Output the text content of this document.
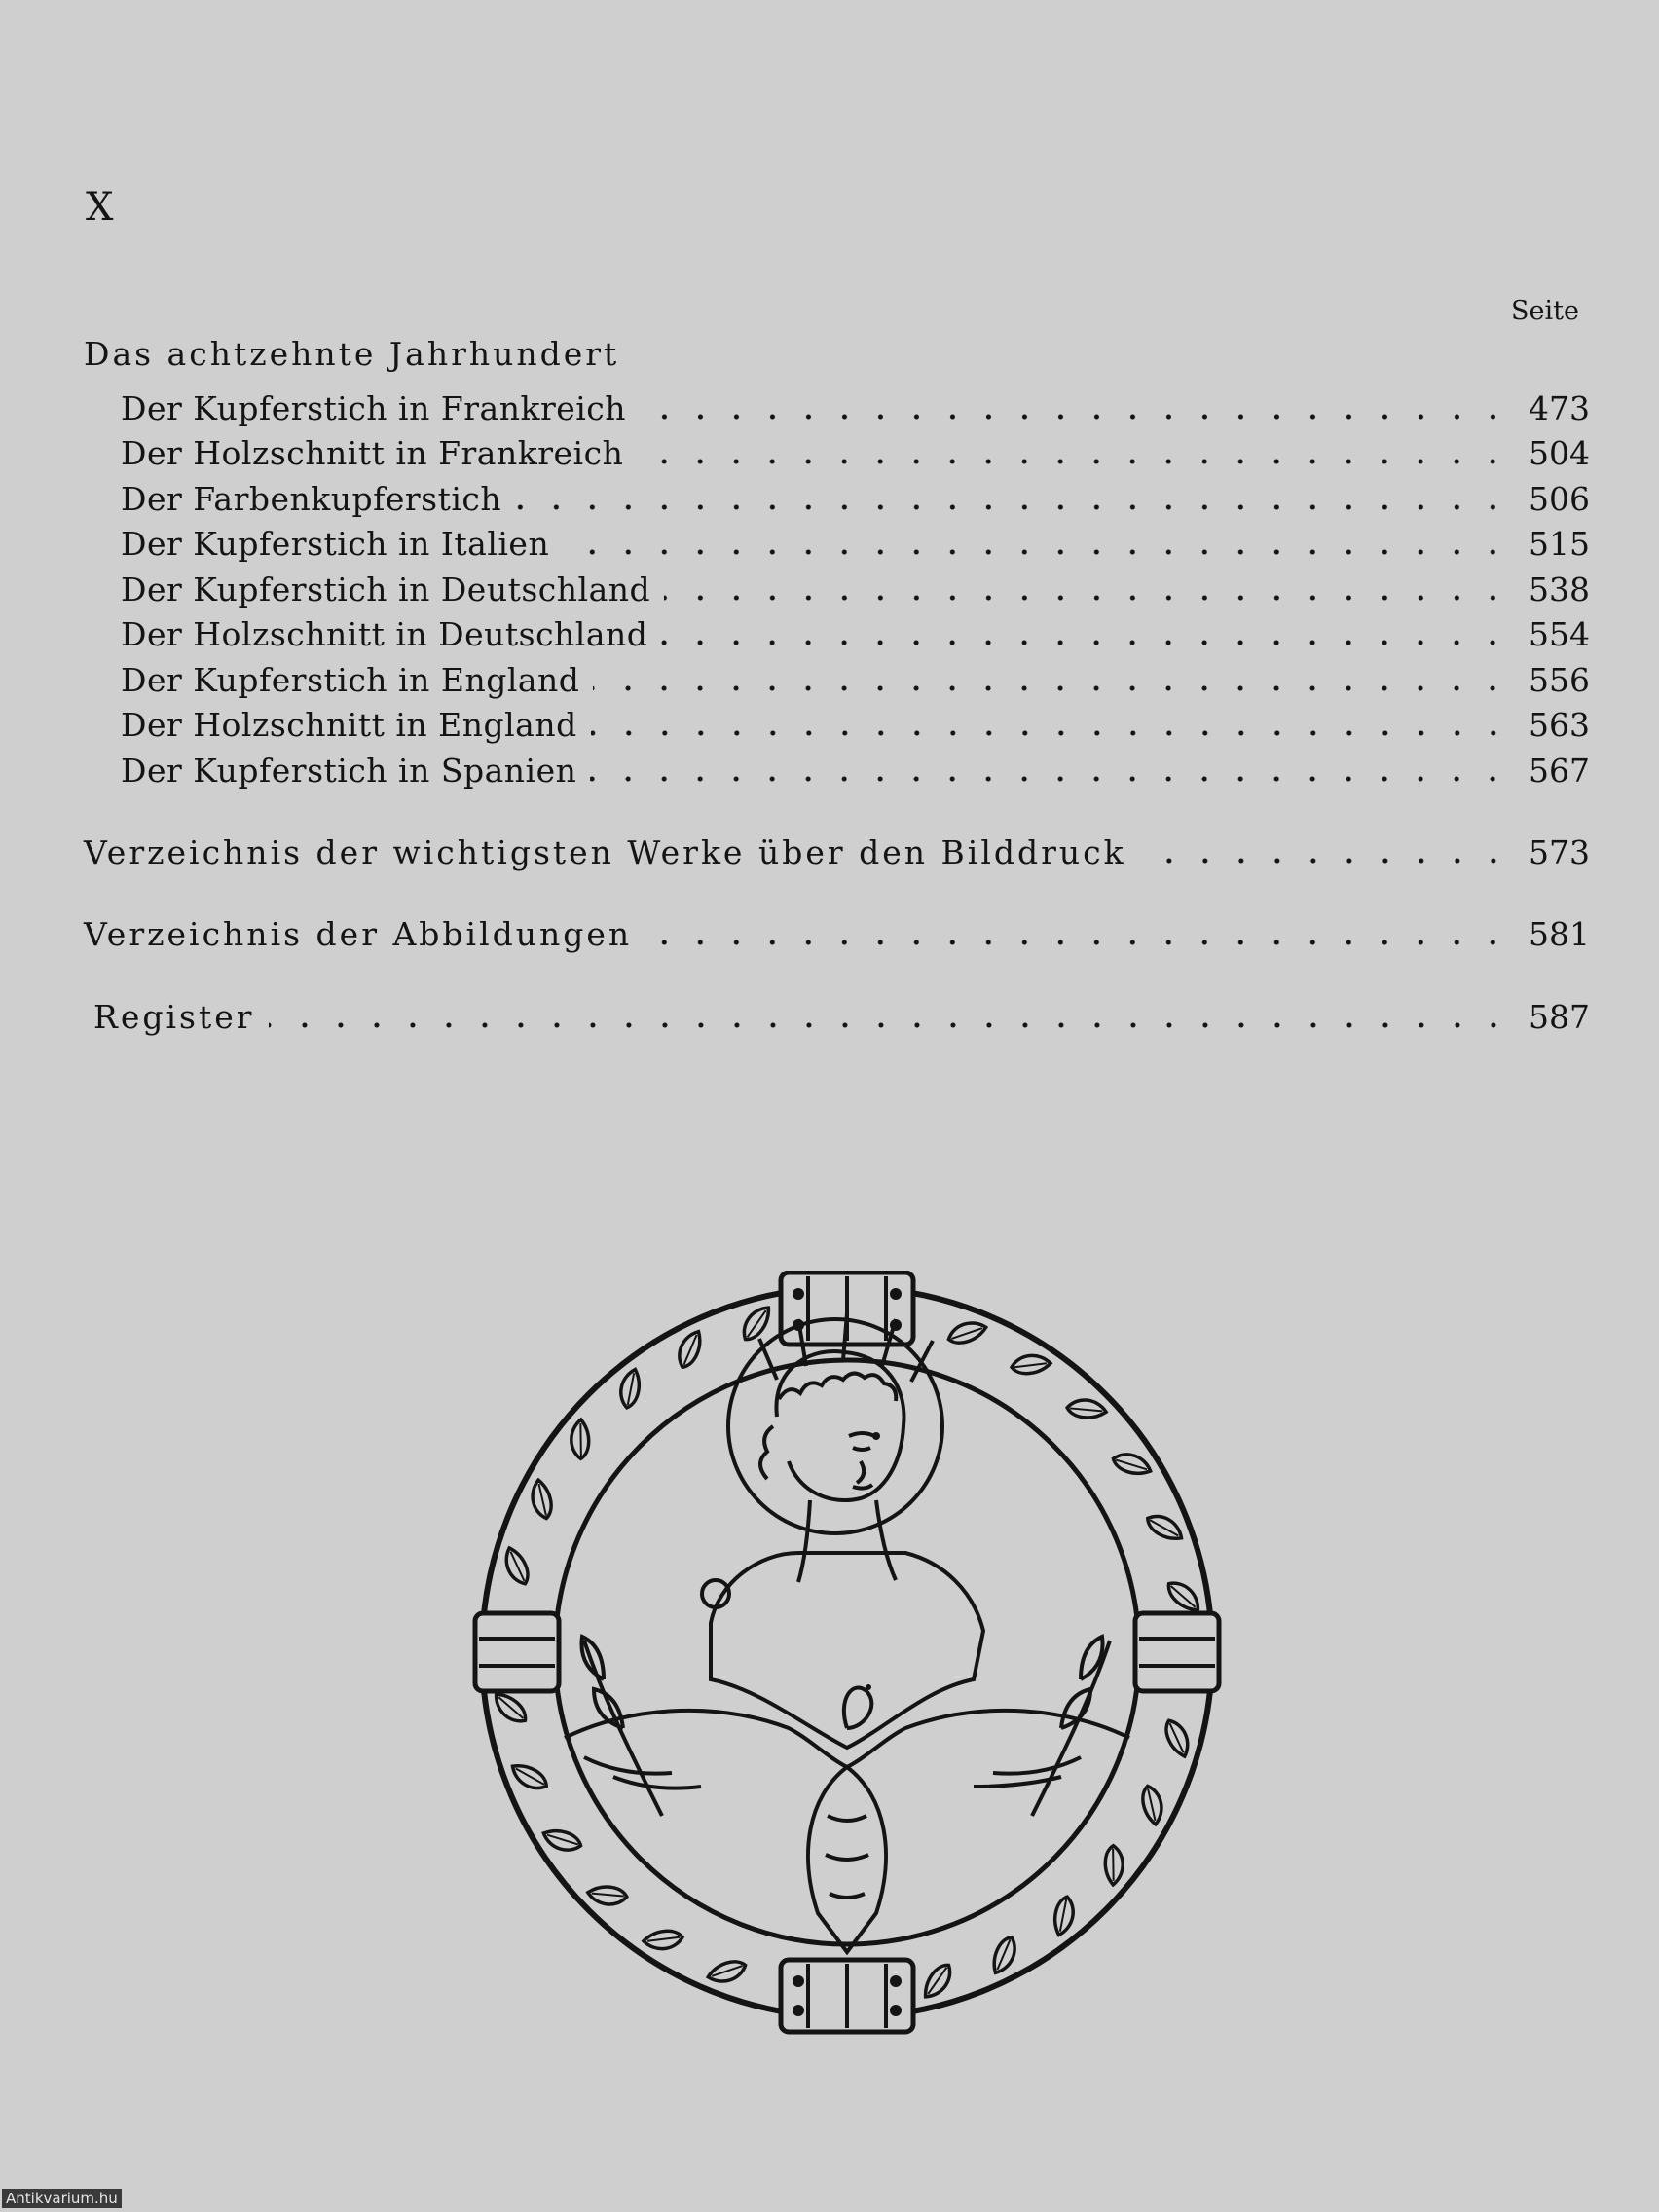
X
Seite
Das achtzehnte Jahrhundert
Der Kupferstich in Frankreich	473
Der Holzschnitt in Frankreich	504
Der Farbenkupferstich	506
Der Kupferstich in Italien	515
Der Kupferstich in Deutschland	538
Der Holzschnitt in Deutschland	554
Der Kupferstich in England	556
Der Holzschnitt in England	563
Der Kupferstich in Spanien	567
Verzeichnis der wichtigsten Werke über den Bilddruck	573
Verzeichnis der Abbildungen	581
Register	587
Antikvarium.hu
